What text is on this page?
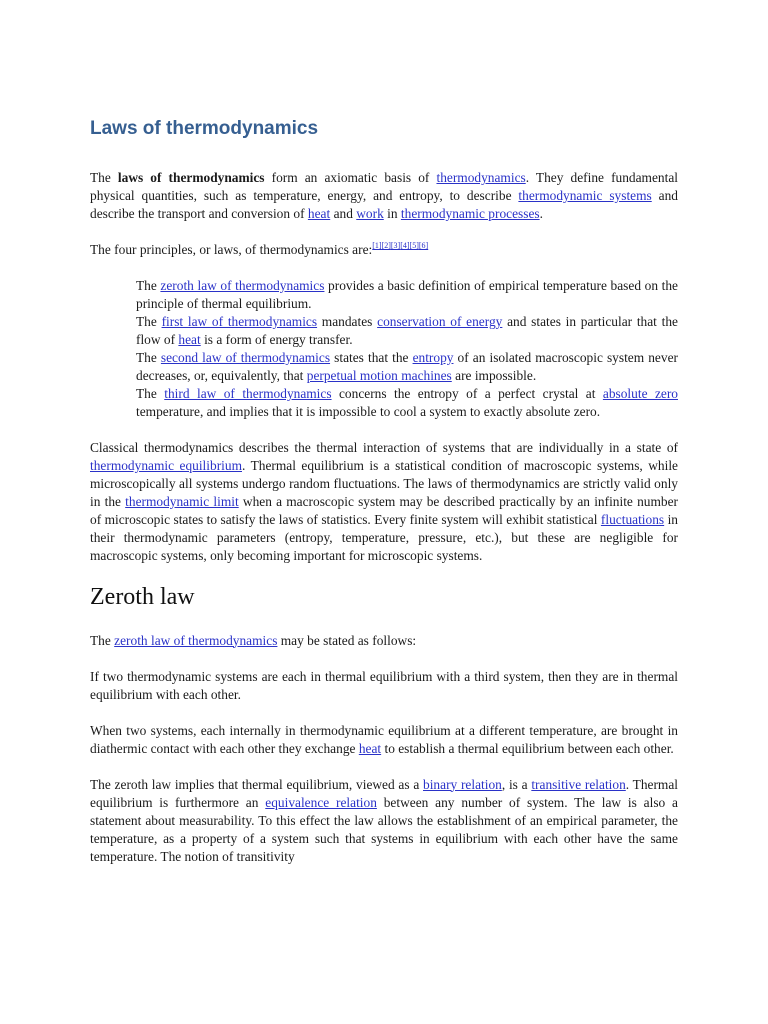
Laws of thermodynamics

The laws of thermodynamics form an axiomatic basis of thermodynamics. They define fundamental physical quantities, such as temperature, energy, and entropy, to describe thermodynamic systems and describe the transport and conversion of heat and work in thermodynamic processes.

The four principles, or laws, of thermodynamics are:[1][2][3][4][5][6]

The zeroth law of thermodynamics provides a basic definition of empirical temperature based on the principle of thermal equilibrium.
The first law of thermodynamics mandates conservation of energy and states in particular that the flow of heat is a form of energy transfer.
The second law of thermodynamics states that the entropy of an isolated macroscopic system never decreases, or, equivalently, that perpetual motion machines are impossible.
The third law of thermodynamics concerns the entropy of a perfect crystal at absolute zero temperature, and implies that it is impossible to cool a system to exactly absolute zero.

Classical thermodynamics describes the thermal interaction of systems that are individually in a state of thermodynamic equilibrium. Thermal equilibrium is a statistical condition of macroscopic systems, while microscopically all systems undergo random fluctuations. The laws of thermodynamics are strictly valid only in the thermodynamic limit when a macroscopic system may be described practically by an infinite number of microscopic states to satisfy the laws of statistics. Every finite system will exhibit statistical fluctuations in their thermodynamic parameters (entropy, temperature, pressure, etc.), but these are negligible for macroscopic systems, only becoming important for microscopic systems.

Zeroth law

The zeroth law of thermodynamics may be stated as follows:

If two thermodynamic systems are each in thermal equilibrium with a third system, then they are in thermal equilibrium with each other.

When two systems, each internally in thermodynamic equilibrium at a different temperature, are brought in diathermic contact with each other they exchange heat to establish a thermal equilibrium between each other.

The zeroth law implies that thermal equilibrium, viewed as a binary relation, is a transitive relation. Thermal equilibrium is furthermore an equivalence relation between any number of system. The law is also a statement about measurability. To this effect the law allows the establishment of an empirical parameter, the temperature, as a property of a system such that systems in equilibrium with each other have the same temperature. The notion of transitivity
